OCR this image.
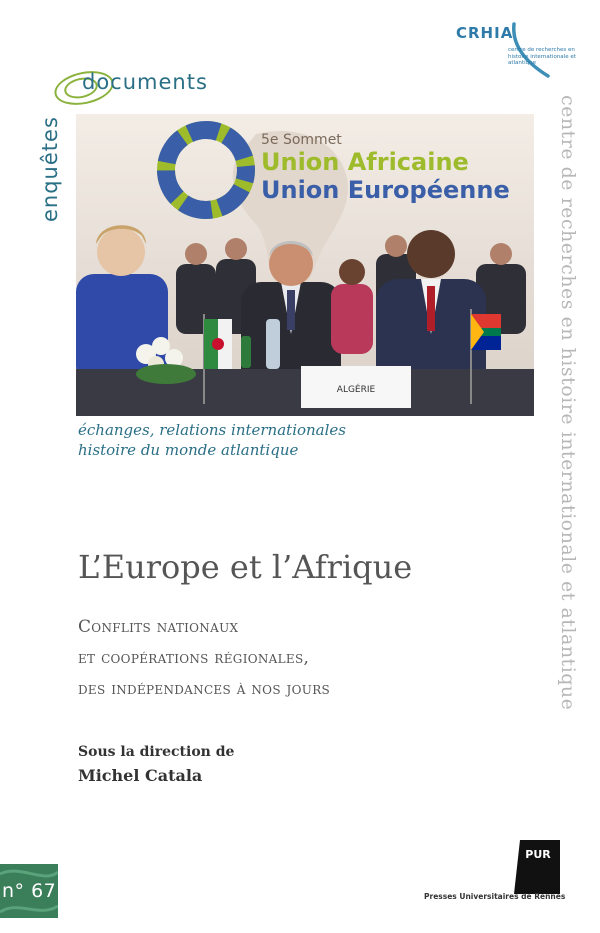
documents
enquêtes
CRHIA
centre de recherches en histoire internationale et atlantique
centre de recherches en histoire internationale et atlantique
5e Sommet
Union Africaine
Union Européenne
ALGÉRIE
échanges, relations internationales
histoire du monde atlantique
L’Europe et l’Afrique
Conflits nationaux
et coopérations régionales,
des indépendances à nos jours
Sous la direction de
Michel Catala
n° 67
PUR
Presses Universitaires de Rennes
